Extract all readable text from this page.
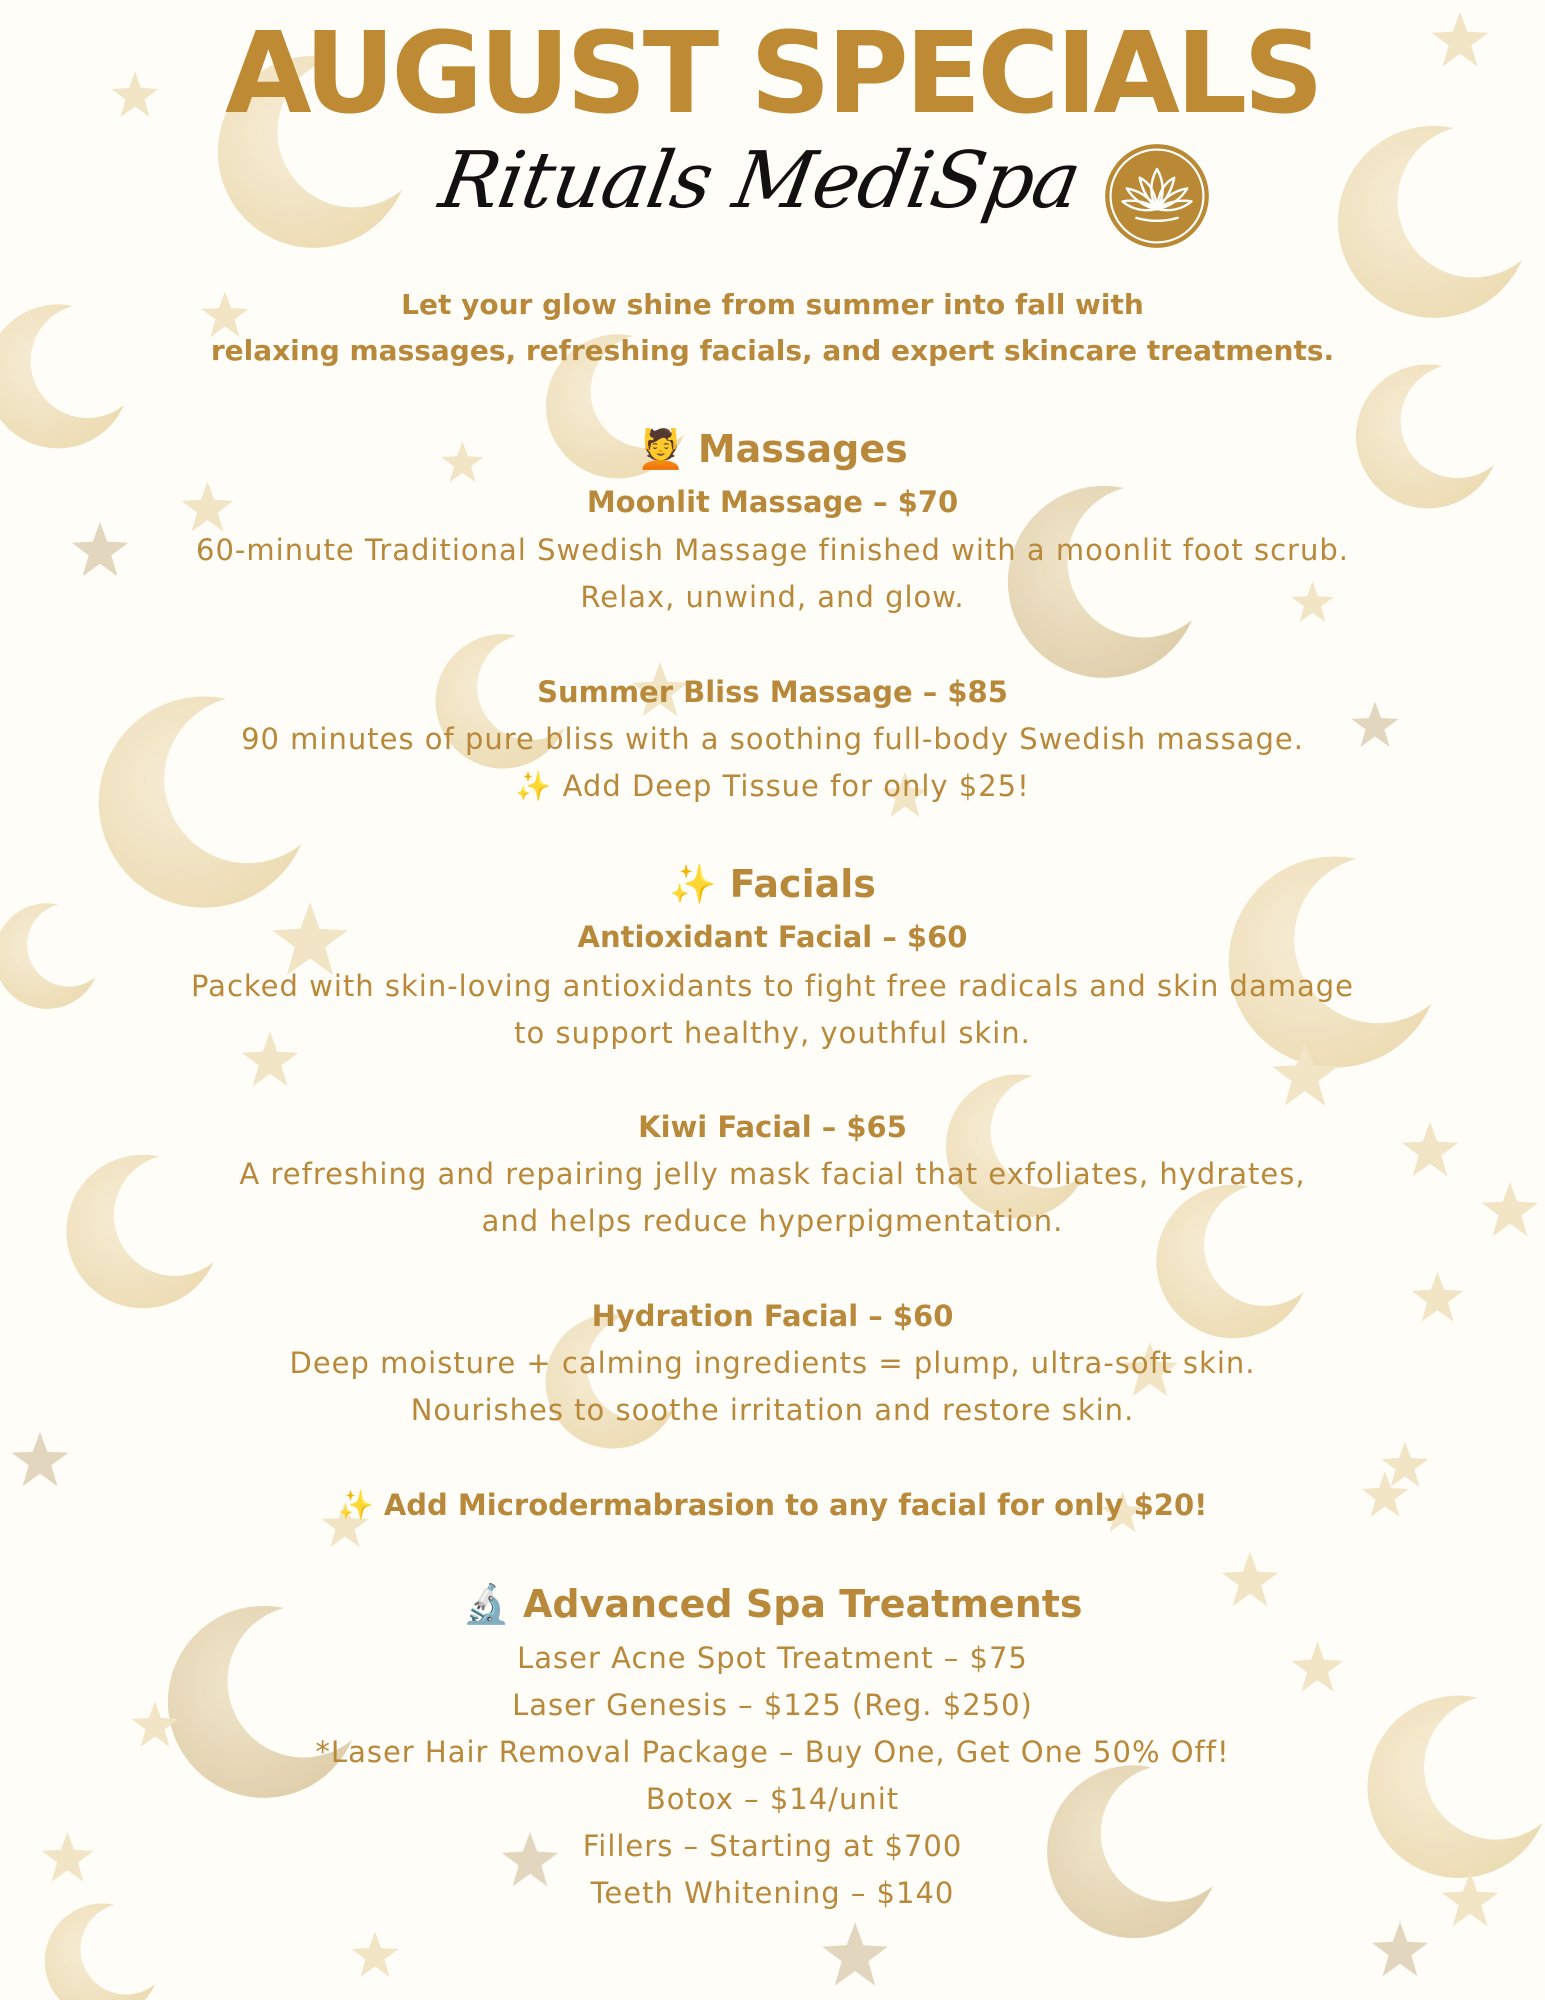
AUGUST SPECIALS
Rituals MediSpa
Let your glow shine from summer into fall with
relaxing massages, refreshing facials, and expert skincare treatments.
💆 Massages
Moonlit Massage – $70
60-minute Traditional Swedish Massage finished with a moonlit foot scrub.
Relax, unwind, and glow.
Summer Bliss Massage – $85
90 minutes of pure bliss with a soothing full-body Swedish massage.
✨ Add Deep Tissue for only $25!
✨ Facials
Antioxidant Facial – $60
Packed with skin-loving antioxidants to fight free radicals and skin damage
to support healthy, youthful skin.
Kiwi Facial – $65
A refreshing and repairing jelly mask facial that exfoliates, hydrates,
and helps reduce hyperpigmentation.
Hydration Facial – $60
Deep moisture + calming ingredients = plump, ultra-soft skin.
Nourishes to soothe irritation and restore skin.
✨ Add Microdermabrasion to any facial for only $20!
🔬 Advanced Spa Treatments
Laser Acne Spot Treatment – $75
Laser Genesis – $125 (Reg. $250)
*Laser Hair Removal Package – Buy One, Get One 50% Off!
Botox – $14/unit
Fillers – Starting at $700
Teeth Whitening – $140
